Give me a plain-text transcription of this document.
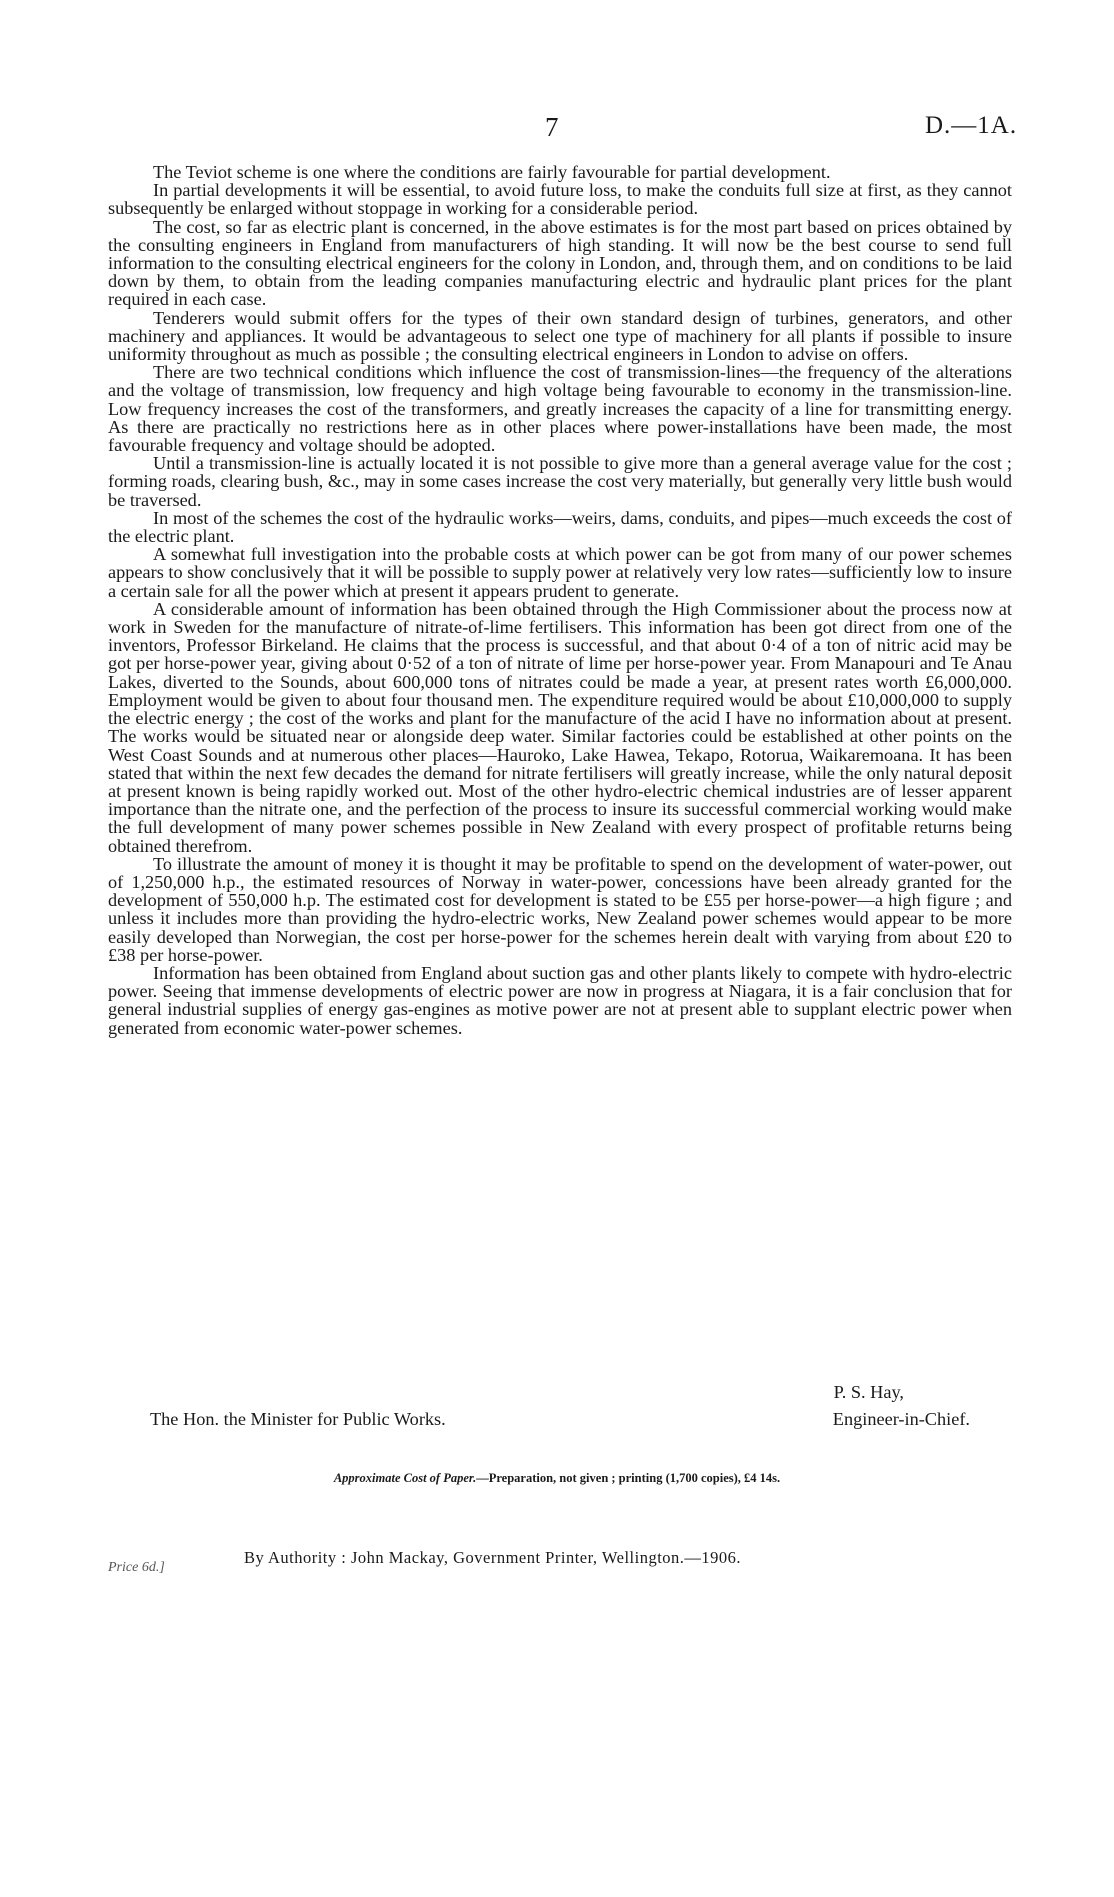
7	D.—1A.

The Teviot scheme is one where the conditions are fairly favourable for partial development.

In partial developments it will be essential, to avoid future loss, to make the conduits full size at first, as they cannot subsequently be enlarged without stoppage in working for a considerable period.

The cost, so far as electric plant is concerned, in the above estimates is for the most part based on prices obtained by the consulting engineers in England from manufacturers of high standing. It will now be the best course to send full information to the consulting electrical engineers for the colony in London, and, through them, and on conditions to be laid down by them, to obtain from the leading companies manufacturing electric and hydraulic plant prices for the plant required in each case.

Tenderers would submit offers for the types of their own standard design of turbines, generators, and other machinery and appliances. It would be advantageous to select one type of machinery for all plants if possible to insure uniformity throughout as much as possible ; the consulting electrical engineers in London to advise on offers.

There are two technical conditions which influence the cost of transmission-lines—the frequency of the alterations and the voltage of transmission, low frequency and high voltage being favourable to economy in the transmission-line. Low frequency increases the cost of the transformers, and greatly increases the capacity of a line for transmitting energy. As there are practically no restrictions here as in other places where power-installations have been made, the most favourable frequency and voltage should be adopted.

Until a transmission-line is actually located it is not possible to give more than a general average value for the cost ; forming roads, clearing bush, &c., may in some cases increase the cost very materially, but generally very little bush would be traversed.

In most of the schemes the cost of the hydraulic works—weirs, dams, conduits, and pipes—much exceeds the cost of the electric plant.

A somewhat full investigation into the probable costs at which power can be got from many of our power schemes appears to show conclusively that it will be possible to supply power at relatively very low rates—sufficiently low to insure a certain sale for all the power which at present it appears prudent to generate.

A considerable amount of information has been obtained through the High Commissioner about the process now at work in Sweden for the manufacture of nitrate-of-lime fertilisers. This information has been got direct from one of the inventors, Professor Birkeland. He claims that the process is successful, and that about 0·4 of a ton of nitric acid may be got per horse-power year, giving about 0·52 of a ton of nitrate of lime per horse-power year. From Manapouri and Te Anau Lakes, diverted to the Sounds, about 600,000 tons of nitrates could be made a year, at present rates worth £6,000,000. Employment would be given to about four thousand men. The expenditure required would be about £10,000,000 to supply the electric energy ; the cost of the works and plant for the manufacture of the acid I have no information about at present. The works would be situated near or alongside deep water. Similar factories could be established at other points on the West Coast Sounds and at numerous other places—Hauroko, Lake Hawea, Tekapo, Rotorua, Waikaremoana. It has been stated that within the next few decades the demand for nitrate fertilisers will greatly increase, while the only natural deposit at present known is being rapidly worked out. Most of the other hydro-electric chemical industries are of lesser apparent importance than the nitrate one, and the perfection of the process to insure its successful commercial working would make the full development of many power schemes possible in New Zealand with every prospect of profitable returns being obtained therefrom.

To illustrate the amount of money it is thought it may be profitable to spend on the development of water-power, out of 1,250,000 h.p., the estimated resources of Norway in water-power, concessions have been already granted for the development of 550,000 h.p. The estimated cost for development is stated to be £55 per horse-power—a high figure ; and unless it includes more than providing the hydro-electric works, New Zealand power schemes would appear to be more easily developed than Norwegian, the cost per horse-power for the schemes herein dealt with varying from about £20 to £38 per horse-power.

Information has been obtained from England about suction gas and other plants likely to compete with hydro-electric power. Seeing that immense developments of electric power are now in progress at Niagara, it is a fair conclusion that for general industrial supplies of energy gas-engines as motive power are not at present able to supplant electric power when generated from economic water-power schemes.

P. S. Hay,
Engineer-in-Chief.
The Hon. the Minister for Public Works.
Approximate Cost of Paper.—Preparation, not given ; printing (1,700 copies), £4 14s.
Price 6d.]
By Authority : John Mackay, Government Printer, Wellington.—1906.
